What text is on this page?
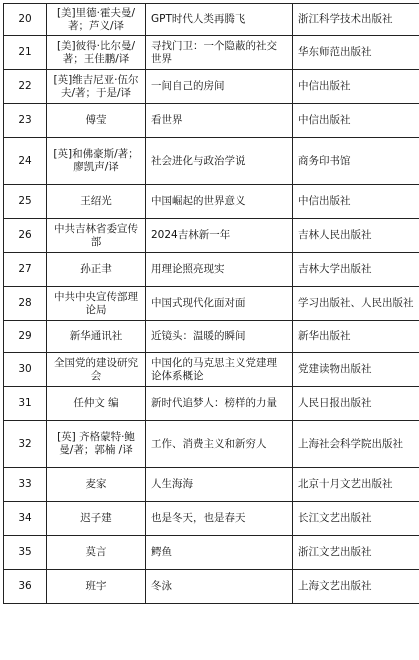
20	[美]里德·霍夫曼/著；芦义/译	GPT时代人类再腾飞	浙江科学技术出版社
21	[美]彼得·比尔曼/著；王佳鹏/译	寻找门卫：一个隐蔽的社交世界	华东师范出版社
22	[英]维吉尼亚·伍尔夫/著；于是/译	一间自己的房间	中信出版社
23	傅莹	看世界	中信出版社
24	[英]和佛豪斯/著；廖凯声/译	社会进化与政治学说	商务印书馆
25	王绍光	中国崛起的世界意义	中信出版社
26	中共吉林省委宣传部	2024吉林新一年	吉林人民出版社
27	孙正聿	用理论照亮现实	吉林大学出版社
28	中共中央宣传部理论局	中国式现代化面对面	学习出版社、人民出版社
29	新华通讯社	近镜头：温暖的瞬间	新华出版社
30	全国党的建设研究会	中国化的马克思主义党建理论体系概论	党建读物出版社
31	任仲文 编	新时代追梦人：榜样的力量	人民日报出版社
32	[英] 齐格蒙特·鲍曼/著；郭楠 /译	工作、消费主义和新穷人	上海社会科学院出版社
33	麦家	人生海海	北京十月文艺出版社
34	迟子建	也是冬天，也是春天	长江文艺出版社
35	莫言	鳄鱼	浙江文艺出版社
36	班宇	冬泳	上海文艺出版社
